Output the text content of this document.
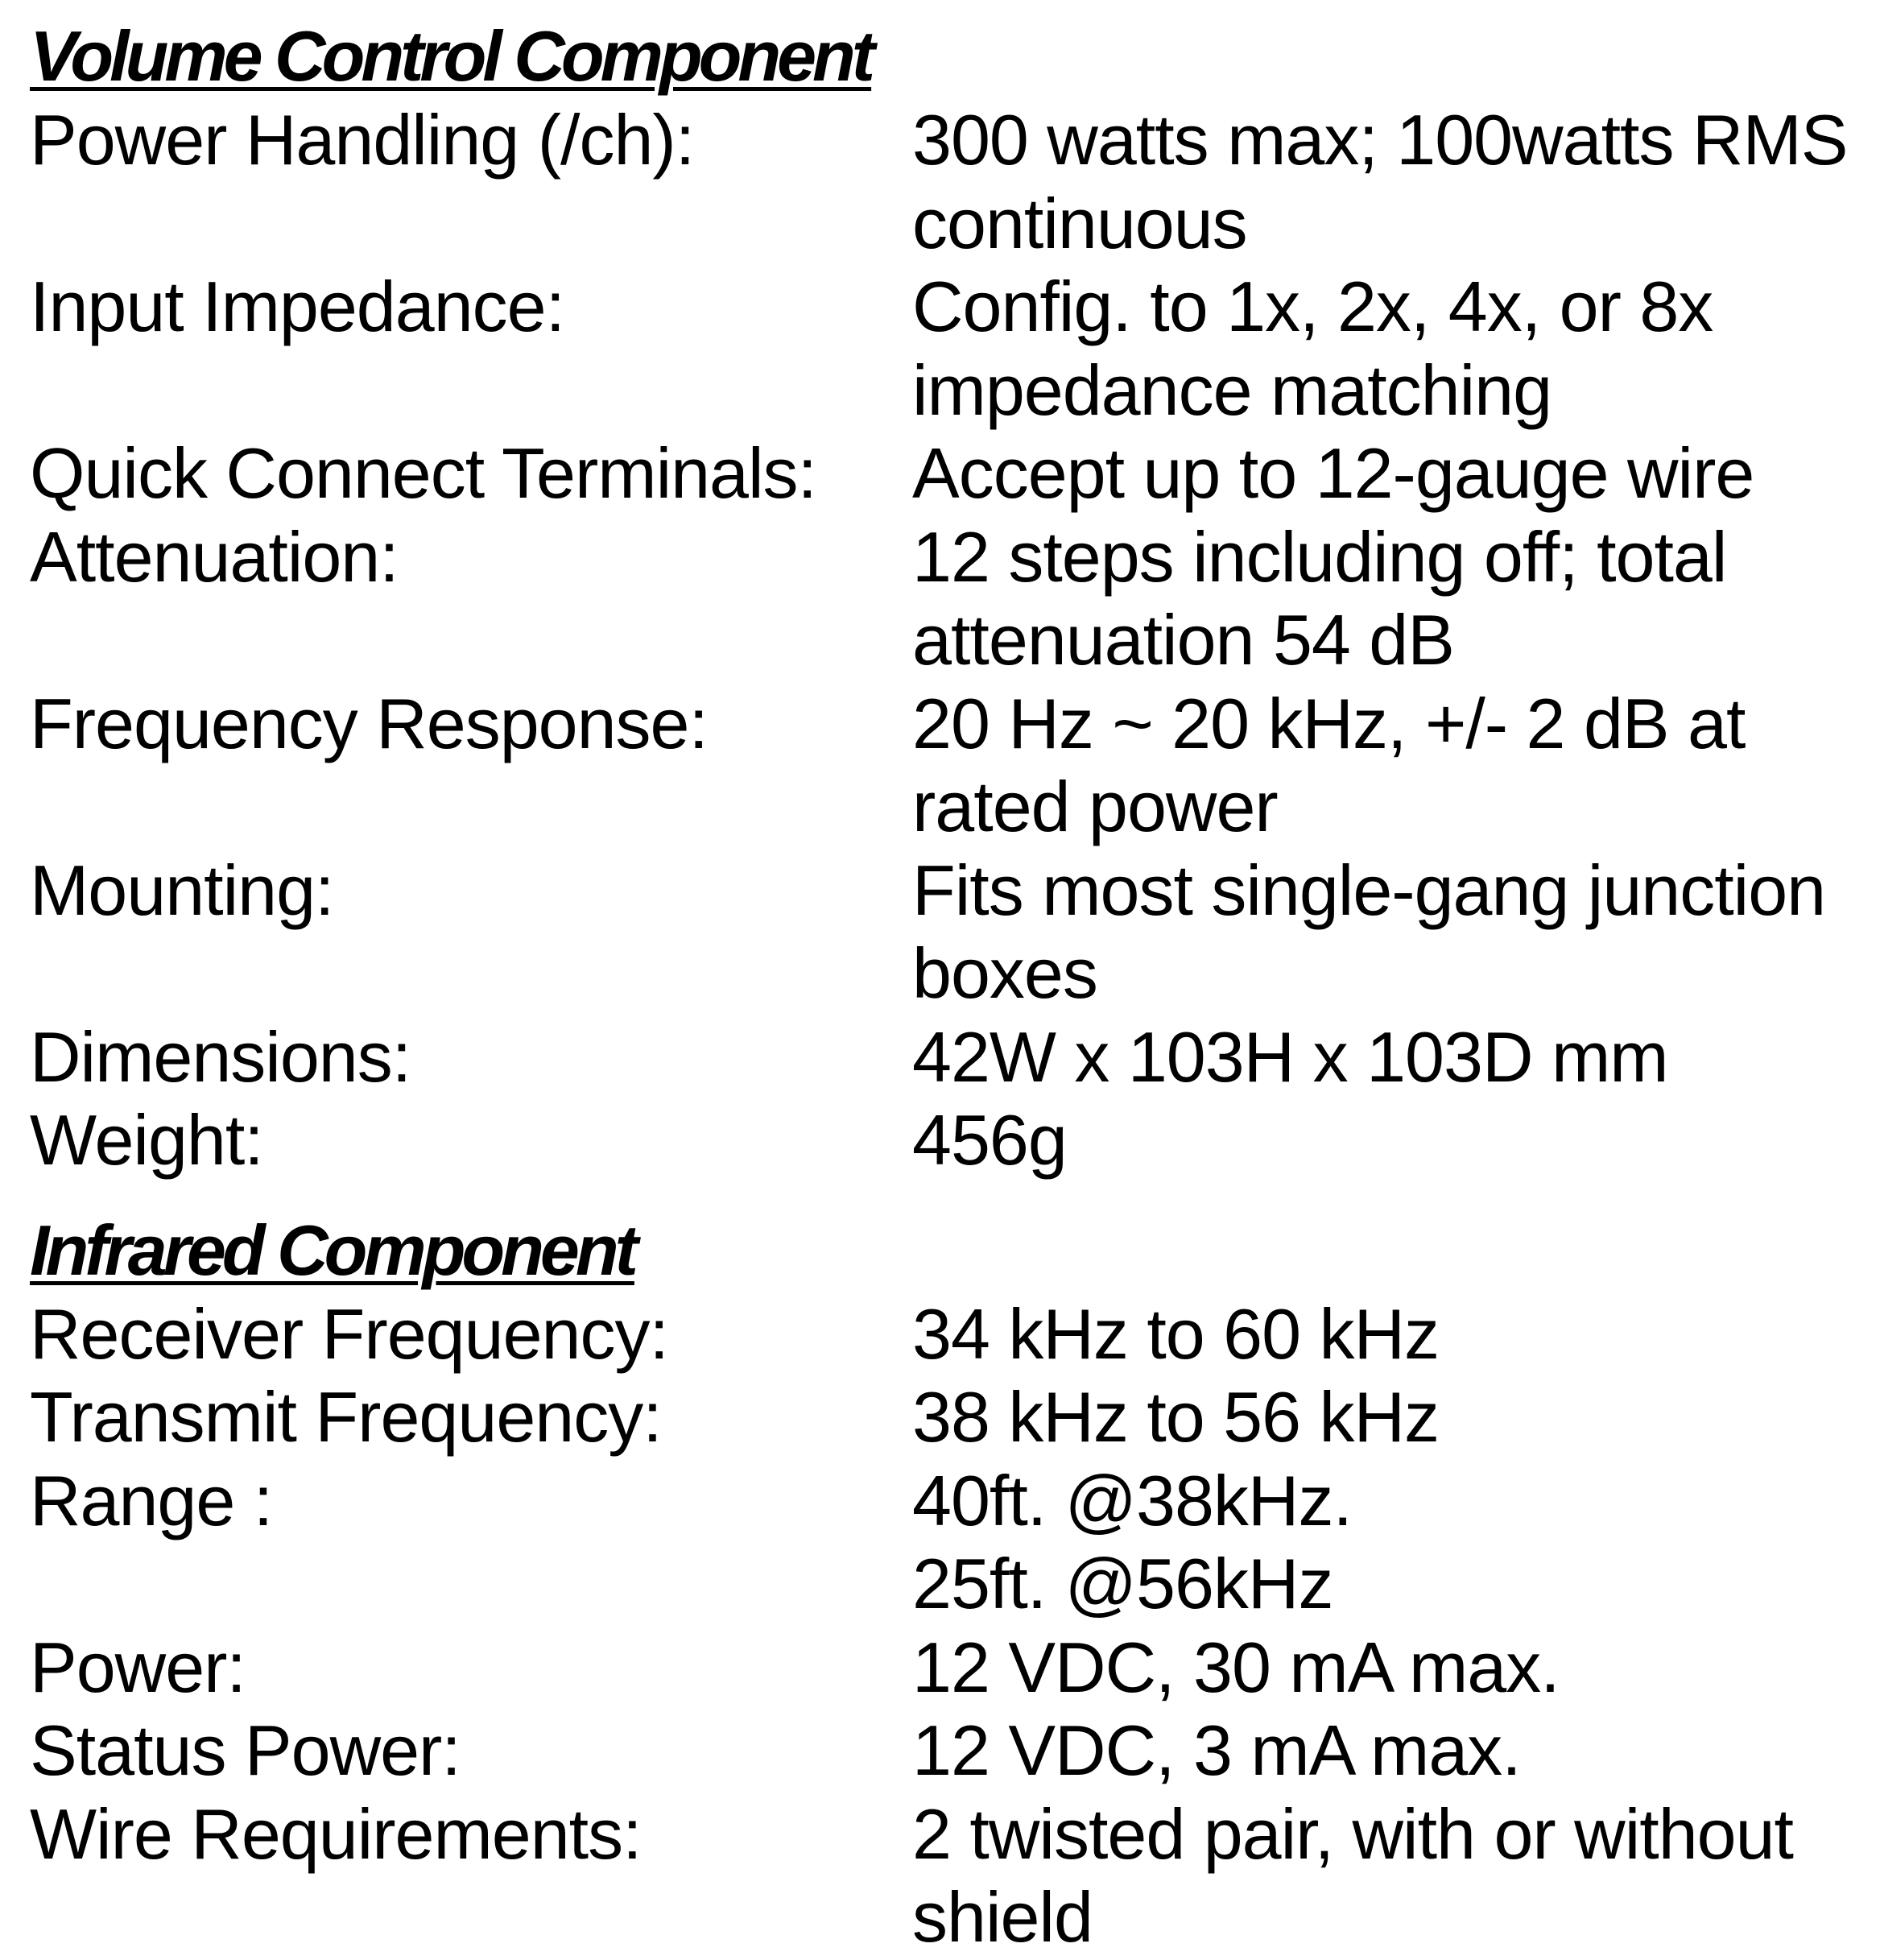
Volume Control Component
Power Handling (/ch):	300 watts max; 100watts RMS
continuous
Input Impedance:	Config. to 1x, 2x, 4x, or 8x
impedance matching
Quick Connect Terminals:	Accept up to 12-gauge wire
Attenuation:	12 steps including off; total
attenuation 54 dB
Frequency Response:	20 Hz ~ 20 kHz, +/- 2 dB at
rated power
Mounting:	Fits most single-gang junction
boxes
Dimensions:	42W x 103H x 103D mm
Weight:	456g
Infrared Component
Receiver Frequency:	34 kHz to 60 kHz
Transmit Frequency:	38 kHz to 56 kHz
Range :	40ft. @38kHz.
25ft. @56kHz
Power:	12 VDC, 30 mA max.
Status Power:	12 VDC, 3 mA max.
Wire Requirements:	2 twisted pair, with or without
shield
